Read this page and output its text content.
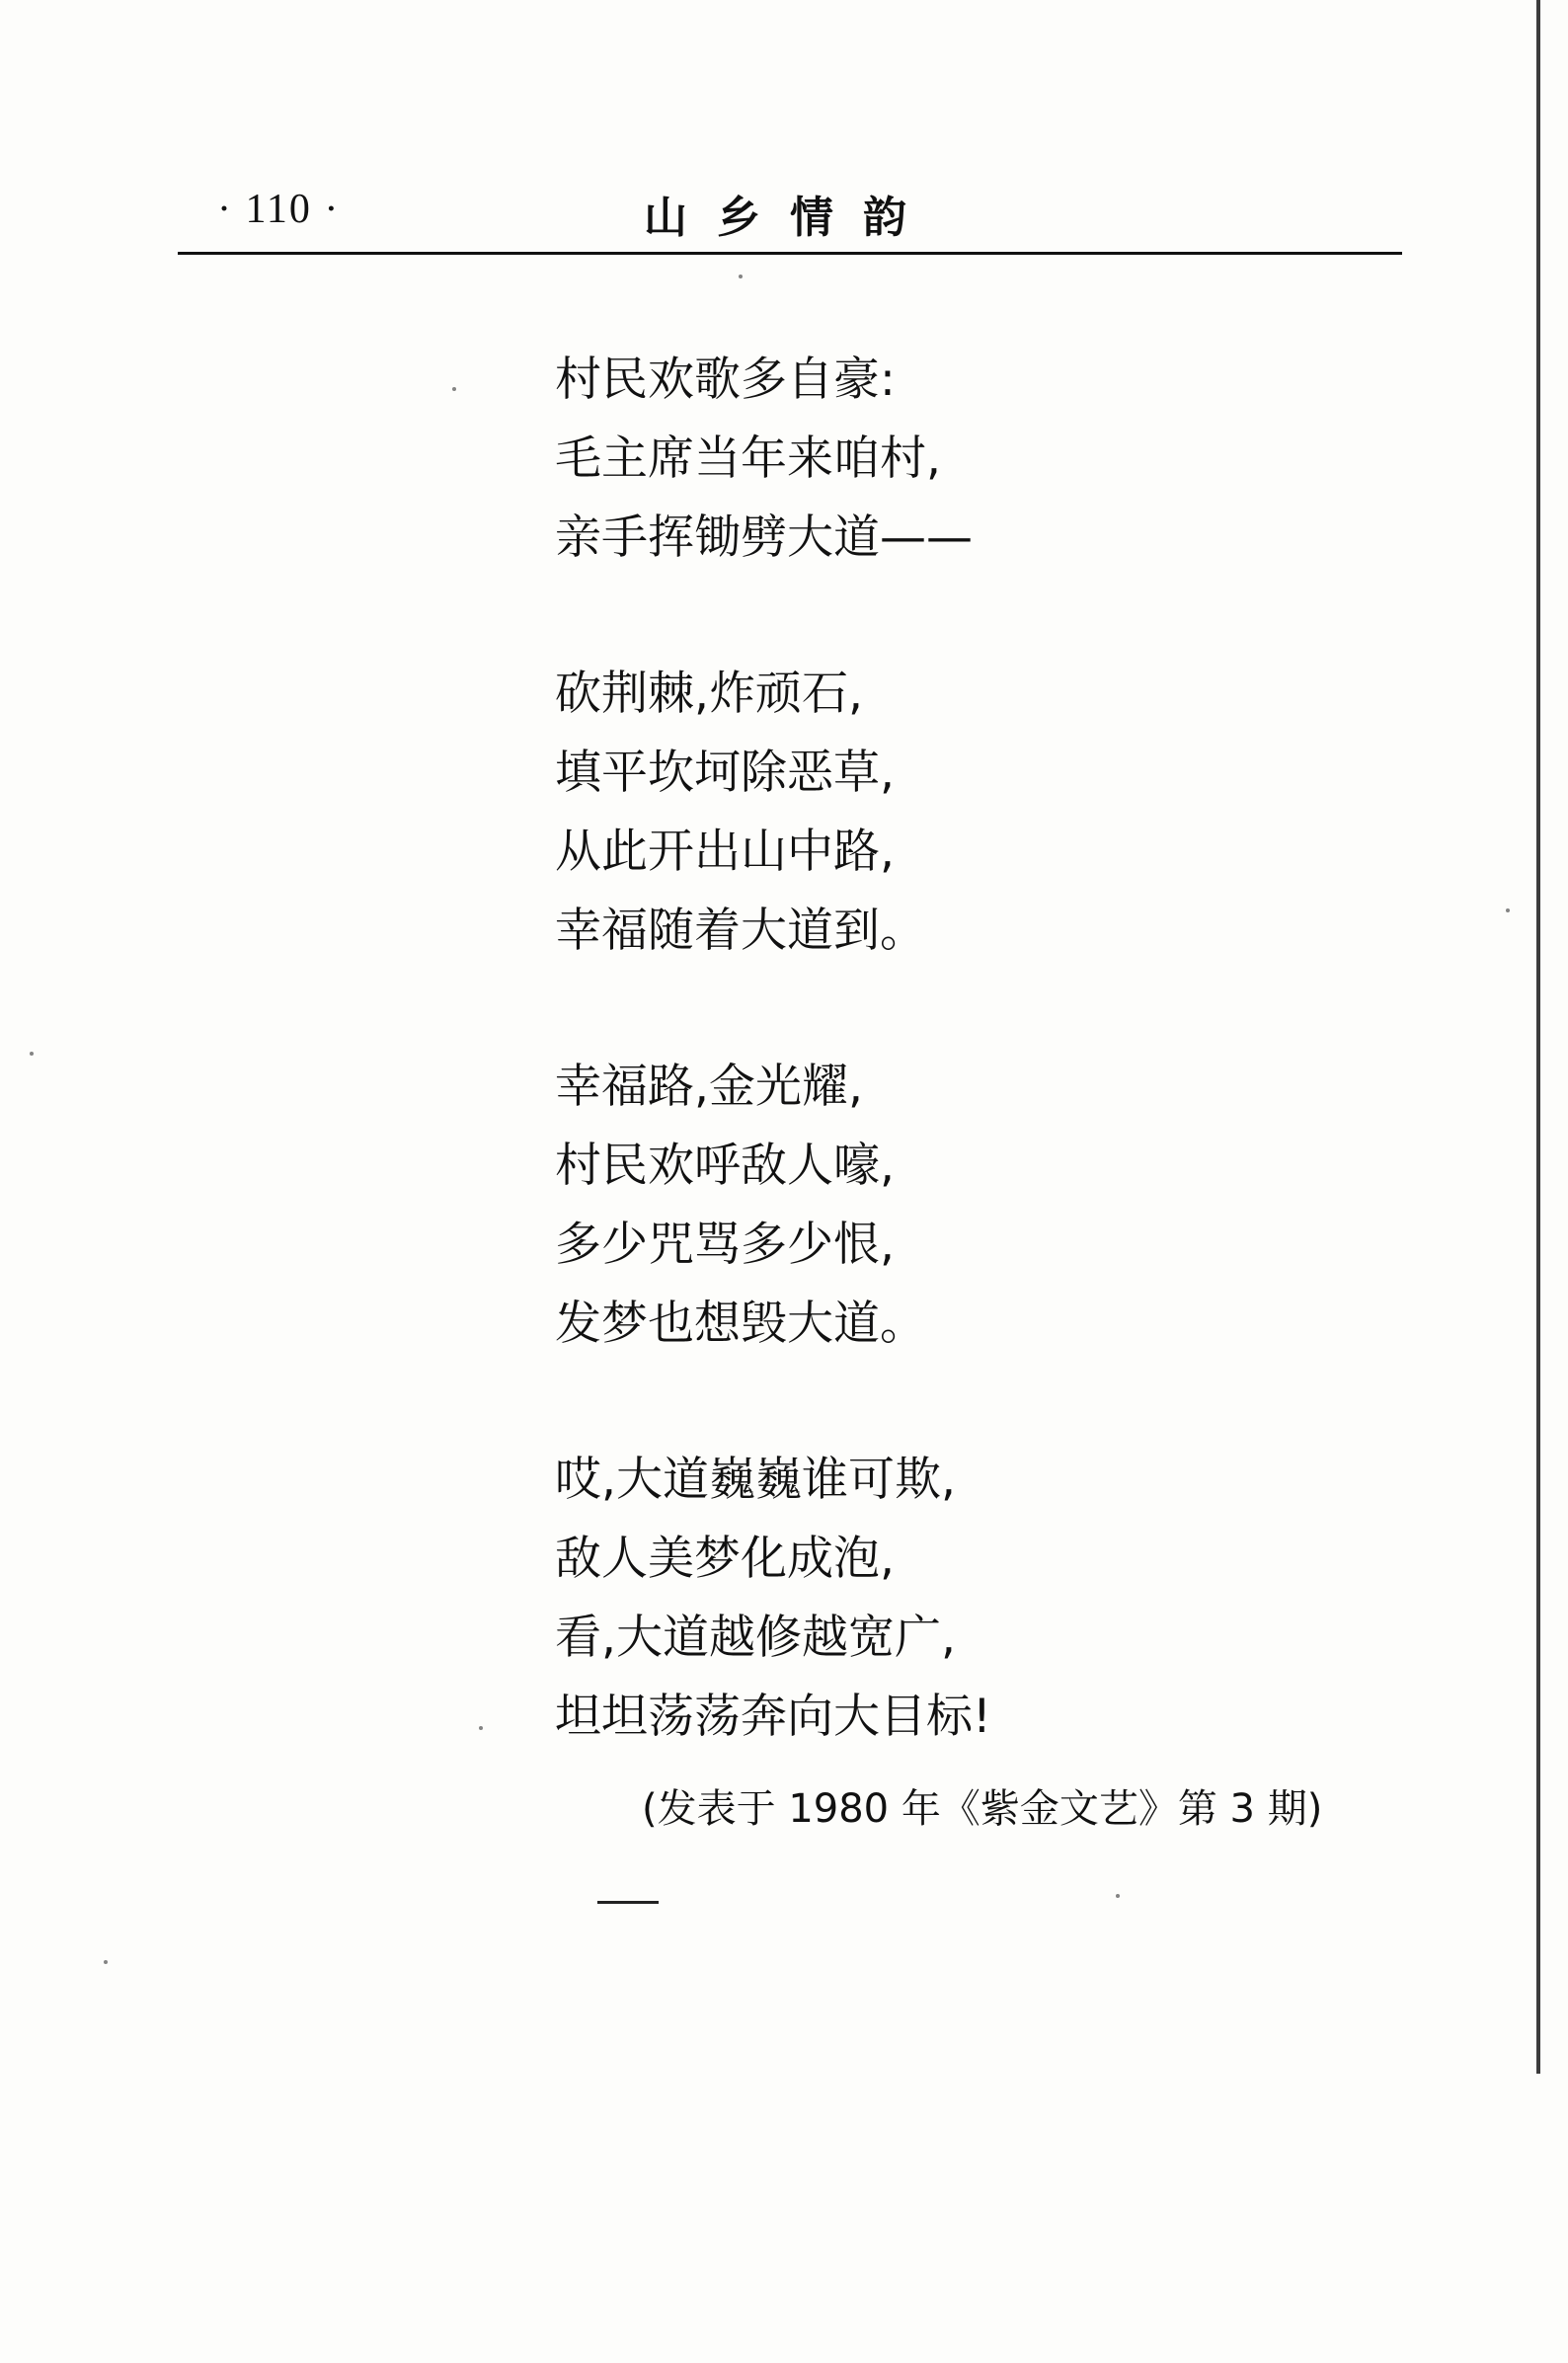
· 110 ·	山乡情韵
村民欢歌多自豪:
毛主席当年来咱村,
亲手挥锄劈大道——
砍荆棘,炸顽石,
填平坎坷除恶草,
从此开出山中路,
幸福随着大道到。
幸福路,金光耀,
村民欢呼敌人嚎,
多少咒骂多少恨,
发梦也想毁大道。
哎,大道巍巍谁可欺,
敌人美梦化成泡,
看,大道越修越宽广,
坦坦荡荡奔向大目标!
(发表于 1980 年《紫金文艺》第 3 期)
